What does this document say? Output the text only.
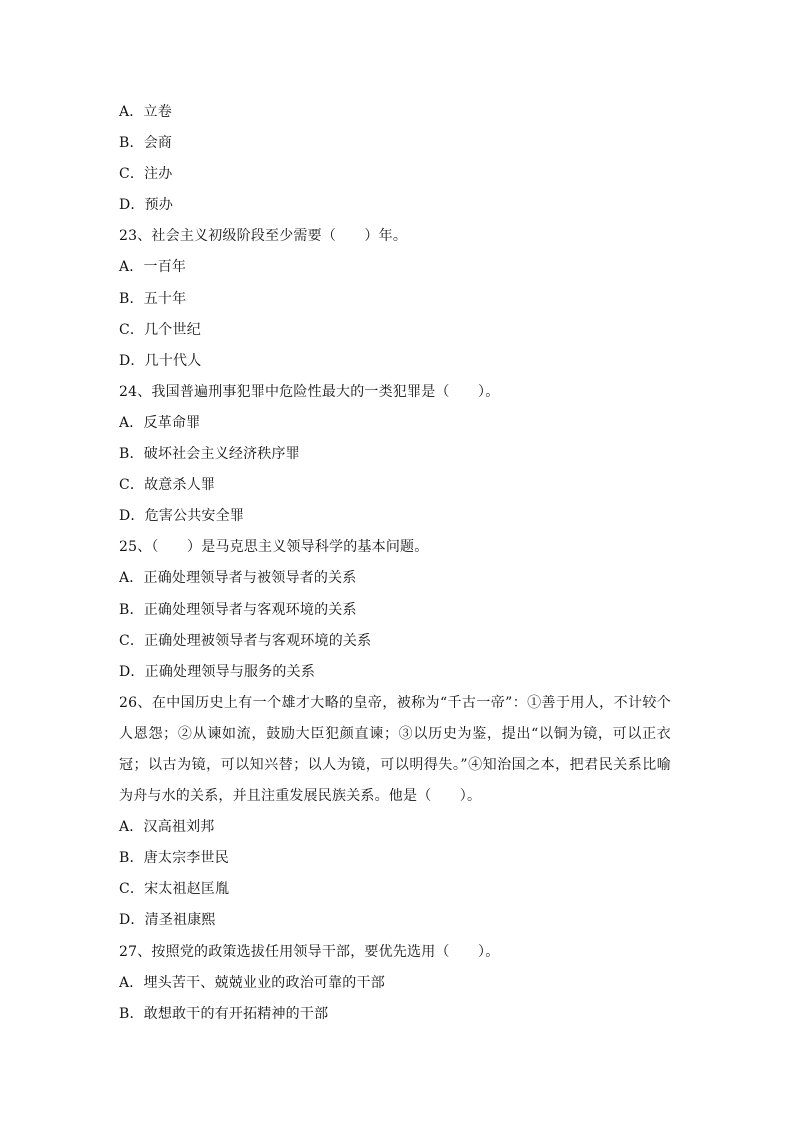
A．立卷
B．会商
C．注办
D．预办
23、社会主义初级阶段至少需要（　　）年。
A．一百年
B．五十年
C．几个世纪
D．几十代人
24、我国普遍刑事犯罪中危险性最大的一类犯罪是（　　）。
A．反革命罪
B．破坏社会主义经济秩序罪
C．故意杀人罪
D．危害公共安全罪
25、（　　）是马克思主义领导科学的基本问题。
A．正确处理领导者与被领导者的关系
B．正确处理领导者与客观环境的关系
C．正确处理被领导者与客观环境的关系
D．正确处理领导与服务的关系
26、在中国历史上有一个雄才大略的皇帝，被称为“千古一帝”：①善于用人，不计较个人恩怨；②从谏如流，鼓励大臣犯颜直谏；③以历史为鉴，提出“以铜为镜，可以正衣冠；以古为镜，可以知兴替；以人为镜，可以明得失。”④知治国之本，把君民关系比喻为舟与水的关系，并且注重发展民族关系。他是（　　）。
A．汉高祖刘邦
B．唐太宗李世民
C．宋太祖赵匡胤
D．清圣祖康熙
27、按照党的政策选拔任用领导干部，要优先选用（　　）。
A．埋头苦干、兢兢业业的政治可靠的干部
B．敢想敢干的有开拓精神的干部
